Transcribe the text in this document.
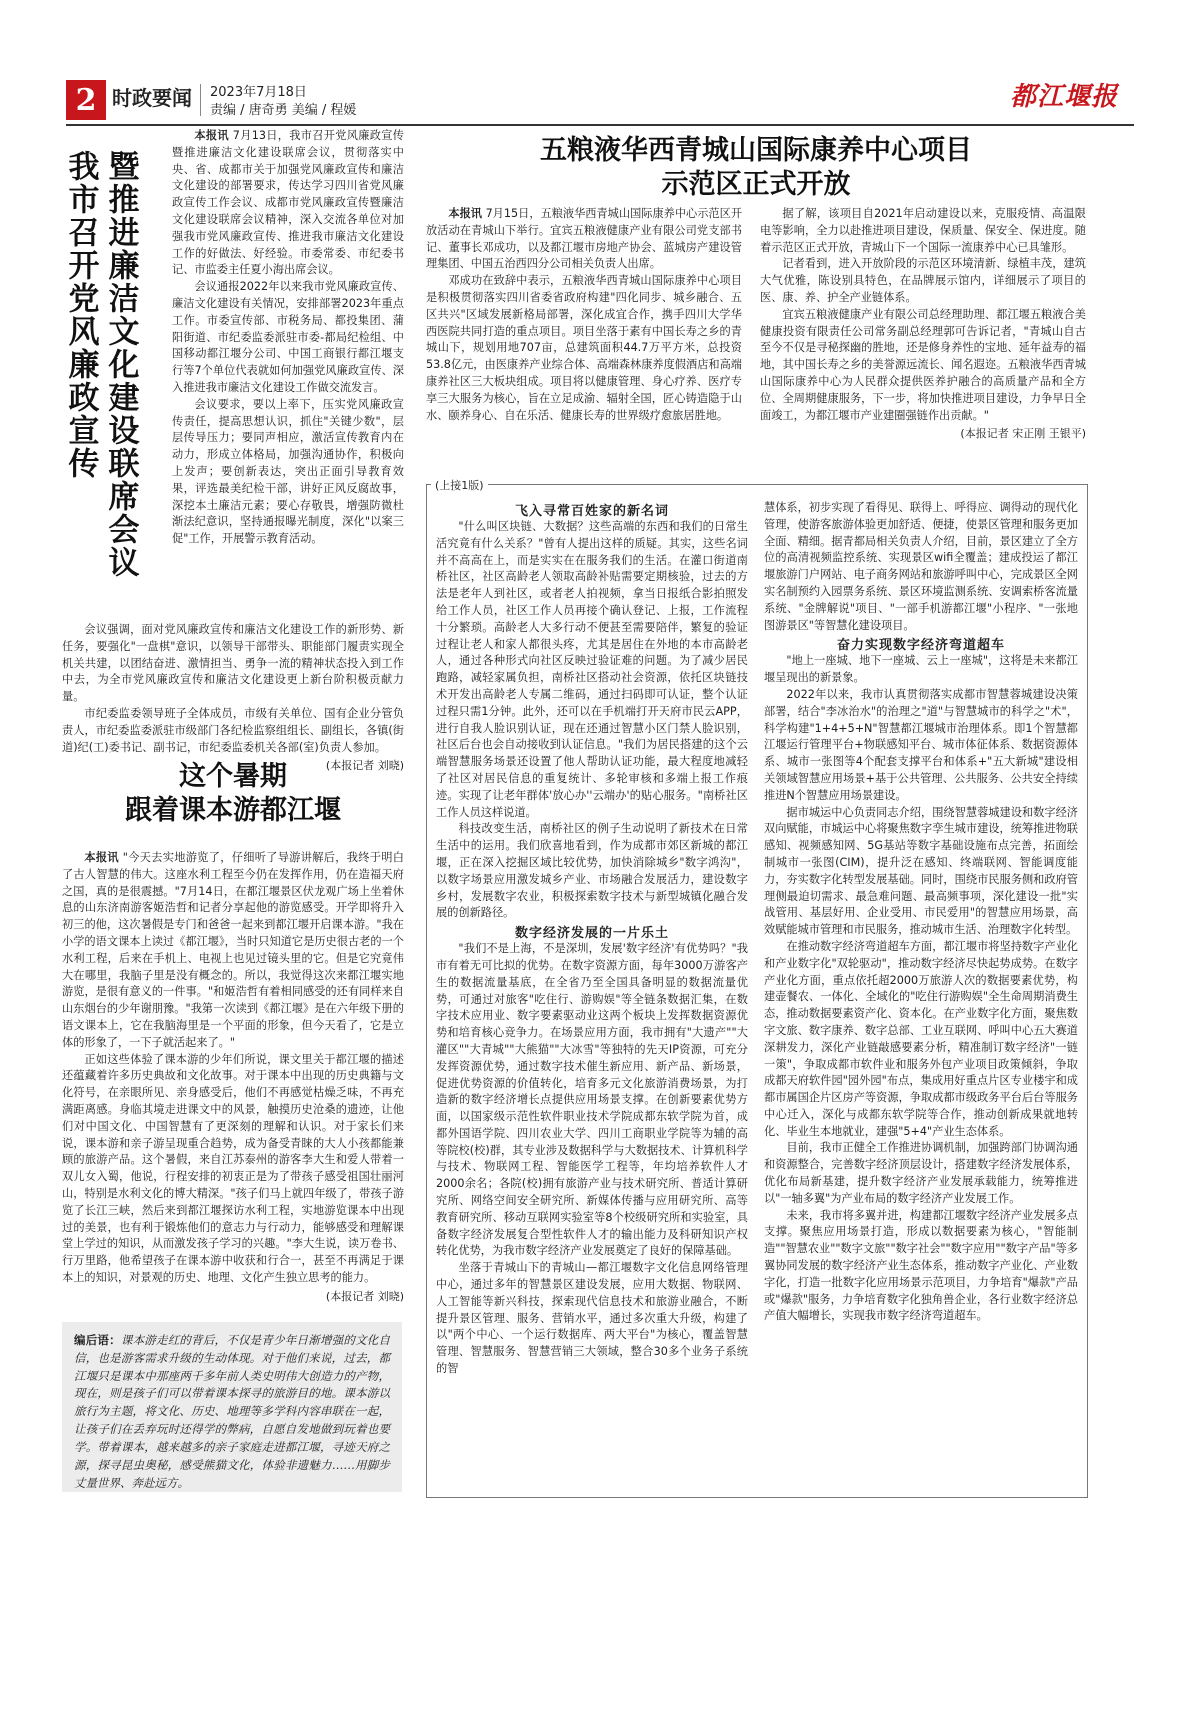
2 时政要闻 2023年7月18日
责编 / 唐奇勇 美编 / 程媛	都江堰报
暨推进廉洁文化建设联席会议
我市召开党风廉政宣传

本报讯 7月13日，我市召开党风廉政宣传暨推进廉洁文化建设联席会议，贯彻落实中央、省、成都市关于加强党风廉政宣传和廉洁文化建设的部署要求，传达学习四川省党风廉政宣传工作会议、成都市党风廉政宣传暨廉洁文化建设联席会议精神，深入交流各单位对加强我市党风廉政宣传、推进我市廉洁文化建设工作的好做法、好经验。市委常委、市纪委书记、市监委主任夏小海出席会议。

会议通报2022年以来我市党风廉政宣传、廉洁文化建设有关情况，安排部署2023年重点工作。市委宣传部、市税务局、都投集团、蒲阳街道、市纪委监委派驻市委-都局纪检组、中国移动都江堰分公司、中国工商银行都江堰支行等7个单位代表就如何加强党风廉政宣传、深入推进我市廉洁文化建设工作做交流发言。

会议要求，要以上率下，压实党风廉政宣传责任，提高思想认识，抓住"关键少数"，层层传导压力；要同声相应，激活宣传教育内在动力，形成立体格局，加强沟通协作，积极向上发声；要创新表达，突出正面引导教育效果，评选最美纪检干部，讲好正风反腐故事，深挖本土廉洁元素；要心存敬畏，增强防微杜渐法纪意识，坚持通报曝光制度，深化"以案三促"工作，开展警示教育活动。

会议强调，面对党风廉政宣传和廉洁文化建设工作的新形势、新任务，要强化"一盘棋"意识，以领导干部带头、职能部门履责实现全机关共建，以团结奋进、激情担当、勇争一流的精神状态投入到工作中去，为全市党风廉政宣传和廉洁文化建设更上新台阶积极贡献力量。

市纪委监委领导班子全体成员，市级有关单位、国有企业分管负责人，市纪委监委派驻市级部门各纪检监察组组长、副组长，各镇(街道)纪(工)委书记、副书记，市纪委监委机关各部(室)负责人参加。

(本报记者 刘晓)
这个暑期
跟着课本游都江堰

本报讯 "今天去实地游览了，仔细听了导游讲解后，我终于明白了古人智慧的伟大。这座水利工程至今仍在发挥作用，仍在造福天府之国，真的是很震撼。"7月14日，在都江堰景区伏龙观广场上坐着休息的山东济南游客姬浩哲和记者分享起他的游览感受。开学即将升入初三的他，这次暑假是专门和爸爸一起来到都江堰开启课本游。"我在小学的语文课本上读过《都江堰》，当时只知道它是历史很古老的一个水利工程，后来在手机上、电视上也见过镜头里的它。但是它究竟伟大在哪里，我脑子里是没有概念的。所以，我觉得这次来都江堰实地游览，是很有意义的一件事。"和姬浩哲有着相同感受的还有同样来自山东烟台的少年谢朋豫。"我第一次读到《都江堰》是在六年级下册的语文课本上，它在我脑海里是一个平面的形象，但今天看了，它是立体的形象了，一下子就活起来了。"

正如这些体验了课本游的少年们所说，课文里关于都江堰的描述还蕴藏着许多历史典故和文化故事。对于课本中出现的历史典籍与文化符号，在亲眼所见、亲身感受后，他们不再感觉枯燥乏味，不再充满距离感。身临其境走进课文中的风景，触摸历史沧桑的遗迹，让他们对中国文化、中国智慧有了更深刻的理解和认识。对于家长们来说，课本游和亲子游呈现重合趋势，成为备受青睐的大人小孩都能兼顾的旅游产品。这个暑假，来自江苏泰州的游客李大生和爱人带着一双儿女入蜀，他说，行程安排的初衷正是为了带孩子感受祖国壮丽河山，特别是水利文化的博大精深。"孩子们马上就四年级了，带孩子游览了长江三峡，然后来到都江堰探访水利工程，实地游览课本中出现过的美景，也有利于锻炼他们的意志力与行动力，能够感受和理解课堂上学过的知识，从而激发孩子学习的兴趣。"李大生说，读万卷书、行万里路，他希望孩子在课本游中收获和行合一，甚至不再满足于课本上的知识，对景观的历史、地理、文化产生独立思考的能力。

(本报记者 刘晓)
编后语：课本游走红的背后，不仅是青少年日渐增强的文化自信，也是游客需求升级的生动体现。对于他们来说，过去，都江堰只是课本中那座两千多年前人类史明伟大创造力的产物，现在，则是孩子们可以带着课本探寻的旅游目的地。课本游以旅行为主题，将文化、历史、地理等多学科内容串联在一起，让孩子们在丢弃玩时还得学的弊病，自愿自发地做到玩着也要学。带着课本，越来越多的亲子家庭走进都江堰，寻迹天府之源，探寻昆虫奥秘，感受熊猫文化，体验非遗魅力……用脚步丈量世界、奔赴远方。
五粮液华西青城山国际康养中心项目
示范区正式开放

本报讯 7月15日，五粮液华西青城山国际康养中心示范区开放活动在青城山下举行。宜宾五粮液健康产业有限公司党支部书记、董事长邓成功，以及都江堰市房地产协会、蓝城房产建设管理集团、中国五治西四分公司相关负责人出席。

邓成功在致辞中表示，五粮液华西青城山国际康养中心项目是积极贯彻落实四川省委省政府构建"四化同步、城乡融合、五区共兴"区域发展新格局部署，深化成宜合作，携手四川大学华西医院共同打造的重点项目。项目坐落于素有中国长寿之乡的青城山下，规划用地707亩，总建筑面积44.7万平方米，总投资53.8亿元，由医康养产业综合体、高端森林康养度假酒店和高端康养社区三大板块组成。项目将以健康管理、身心疗养、医疗专享三大服务为核心，旨在立足成渝、辐射全国，匠心铸造隐于山水、颐养身心、自在乐活、健康长寿的世界级疗愈旅居胜地。

据了解，该项目自2021年启动建设以来，克服疫情、高温限电等影响，全力以赴推进项目建设，保质量、保安全、保进度。随着示范区正式开放，青城山下一个国际一流康养中心已具雏形。

记者看到，进入开放阶段的示范区环境清新、绿植丰茂，建筑大气优雅，陈设别具特色，在品牌展示馆内，详细展示了项目的医、康、养、护全产业链体系。

宜宾五粮液健康产业有限公司总经理助理、都江堰五粮液合美健康投资有限责任公司常务副总经理郭可告诉记者，"青城山自古至今不仅是寻秘探幽的胜地，还是修身养性的宝地、延年益寿的福地，其中国长寿之乡的美誉源远流长、闻名遐迩。五粮液华西青城山国际康养中心为人民群众提供医养护融合的高质量产品和全方位、全周期健康服务，下一步，将加快推进项目建设，力争早日全面竣工，为都江堰市产业建圈强链作出贡献。"

(本报记者 宋正刚 王银平)
(上接1版)

飞入寻常百姓家的新名词

"什么叫区块链、大数据？这些高端的东西和我们的日常生活究竟有什么关系？"曾有人提出这样的质疑。其实，这些名词并不高高在上，而是实实在在服务我们的生活。在灌口街道南桥社区，社区高龄老人领取高龄补贴需要定期核验，过去的方法是老年人到社区，或者老人拍视频，拿当日报纸合影拍照发给工作人员，社区工作人员再接个确认登记、上报，工作流程十分繁琐。高龄老人大多行动不便甚至需要陪伴，繁复的验证过程让老人和家人都很头疼，尤其是居住在外地的本市高龄老人，通过各种形式向社区反映过验证难的问题。为了减少居民跑路，减轻家属负担，南桥社区搭动社会资源，依托区块链技术开发出高龄老人专属二维码，通过扫码即可认证，整个认证过程只需1分钟。此外，还可以在手机端打开天府市民云APP，进行自我人脸识别认证，现在还通过智慧小区门禁人脸识别，社区后台也会自动接收到认证信息。"我们为居民搭建的这个云端智慧服务场景还设置了他人帮助认证功能，最大程度地减轻了社区对居民信息的重复统计、多轮审核和多端上报工作痕迹。实现了让老年群体'放心办''云端办'的贴心服务。"南桥社区工作人员这样说道。

科技改变生活，南桥社区的例子生动说明了新技术在日常生活中的运用。我们欣喜地看到，作为成都市郊区新城的都江堰，正在深入挖掘区域比较优势，加快消除城乡"数字鸿沟"，以数字场景应用激发城乡产业、市场融合发展活力，建设数字乡村，发展数字农业，积极探索数字技术与新型城镇化融合发展的创新路径。

数字经济发展的一片乐土

"我们不是上海，不是深圳，发展'数字经济'有优势吗？"我市有着无可比拟的优势。在数字资源方面，每年3000万游客产生的数据流量基底，在全省乃至全国具备明显的数据流量优势，可通过对旅客"吃住行、游购娱"等全链条数据汇集，在数字技术应用业、数字要素驱动业这两个板块上发挥数据资源优势和培育核心竞争力。在场景应用方面，我市拥有"大遗产""大灌区""大青城""大熊猫""大冰雪"等独特的先天IP资源，可充分发挥资源优势，通过数字技术催生新应用、新产品、新场景，促进优势资源的价值转化，培育多元文化旅游消费场景，为打造新的数字经济增长点提供应用场景支撑。在创新要素优势方面，以国家级示范性软件职业技术学院成都东软学院为首，成都外国语学院、四川农业大学、四川工商职业学院等为辅的高等院校(校)群，其专业涉及数据科学与大数据技术、计算机科学与技术、物联网工程、智能医学工程等，年均培养软件人才2000余名；各院(校)拥有旅游产业与技术研究所、普适计算研究所、网络空间安全研究所、新媒体传播与应用研究所、高等教育研究所、移动互联网实验室等8个校级研究所和实验室，具备数字经济发展复合型性软件人才的输出能力及科研知识产权转化优势，为我市数字经济产业发展奠定了良好的保障基础。

坐落于青城山下的青城山—都江堰数字文化信息网络管理中心，通过多年的智慧景区建设发展，应用大数据、物联网、人工智能等新兴科技，探索现代信息技术和旅游业融合，不断提升景区管理、服务、营销水平，通过多次重大升级，构建了以"两个中心、一个运行数据库、两大平台"为核心，覆盖智慧管理、智慧服务、智慧营销三大领域，整合30多个业务子系统的智

慧体系，初步实现了看得见、联得上、呼得应、调得动的现代化管理，使游客旅游体验更加舒适、便捷，使景区管理和服务更加全面、精细。据青都局相关负责人介绍，目前，景区建立了全方位的高清视频监控系统、实现景区wifi全覆盖；建成投运了都江堰旅游门户网站、电子商务网站和旅游呼叫中心，完成景区全网实名制预约入园票务系统、景区环境监测系统、安调索桥客流量系统、"金牌解说"项目、"一部手机游都江堰"小程序、"一张地图游景区"等智慧化建设项目。

奋力实现数字经济弯道超车

"地上一座城、地下一座城、云上一座城"，这将是未来都江堰呈现出的新景象。

2022年以来，我市认真贯彻落实成都市智慧蓉城建设决策部署，结合"李冰治水"的治理之"道"与智慧城市的科学之"术"，科学构建"1+4+5+N"智慧都江堰城市治理体系。即1个智慧都江堰运行管理平台+物联感知平台、城市体征体系、数据资源体系、城市一张图等4个配套支撑平台和体系+"五大新城"建设相关领域智慧应用场景+基于公共管理、公共服务、公共安全持续推进N个智慧应用场景建设。

据市城运中心负责同志介绍，围绕智慧蓉城建设和数字经济双向赋能，市城运中心将聚焦数字孪生城市建设，统筹推进物联感知、视频感知网、5G基站等数字基础设施布点完善，拓面绘制城市一张图(CIM)，提升泛在感知、终端联网、智能调度能力，夯实数字化转型发展基础。同时，围绕市民服务侧和政府管理侧最迫切需求、最急难问题、最高频事项，深化建设一批"实战管用、基层好用、企业受用、市民爱用"的智慧应用场景，高效赋能城市管理和市民服务，推动城市生活、治理数字化转型。

在推动数字经济弯道超车方面，都江堰市将坚持数字产业化和产业数字化"双轮驱动"，推动数字经济尽快起势成势。在数字产业化方面，重点依托超2000万旅游人次的数据要素优势，构建壶餐农、一体化、全域化的"吃住行游购娱"全生命周期消费生态，推动数据要素资产化、资本化。在产业数字化方面，聚焦数字文旅、数字康养、数字总部、工业互联网、呼叫中心五大赛道深耕发力，深化产业链敲感要素分析，精准制订数字经济"一链一策"，争取成都市软件业和服务外包产业项目政策倾斜，争取成都天府软件园"园外园"布点，集成用好重点片区专业楼宇和成都市属国企片区房产等资源，争取成都市级政务平台后台等服务中心迁入，深化与成都东软学院等合作，推动创新成果就地转化、毕业生本地就业，建强"5+4"产业生态体系。

目前，我市正健全工作推进协调机制，加强跨部门协调沟通和资源整合，完善数字经济顶层设计，搭建数字经济发展体系，优化布局新基建，提升数字经济产业发展承载能力，统筹推进以"一轴多翼"为产业布局的数字经济产业发展工作。

未来，我市将多翼并进，构建都江堰数字经济产业发展多点支撑。聚焦应用场景打造，形成以数据要素为核心，"智能制造""智慧农业""数字文旅""数字社会""数字应用""数字产品"等多翼协同发展的数字经济产业生态体系，推动数字产业化、产业数字化，打造一批数字化应用场景示范项目，力争培育"爆款"产品或"爆款"服务，力争培育数字化独角兽企业，各行业数字经济总产值大幅增长，实现我市数字经济弯道超车。
